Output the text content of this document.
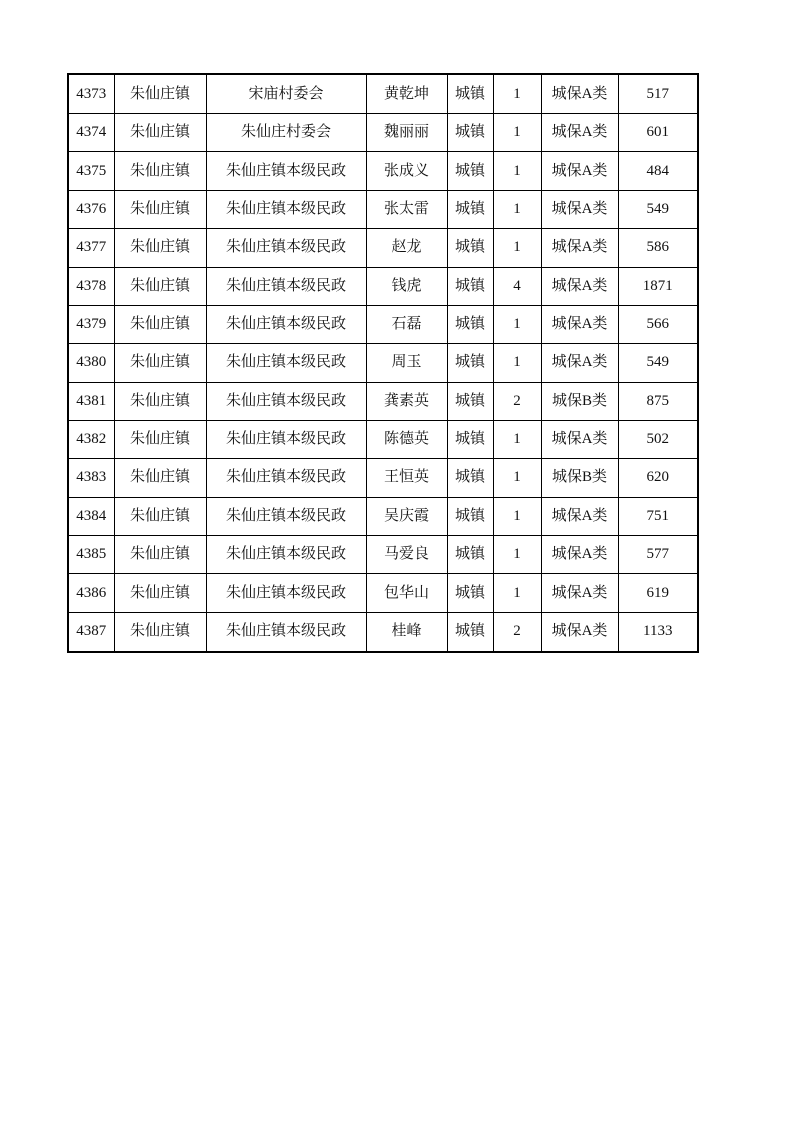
4373	朱仙庄镇	宋庙村委会	黄乾坤	城镇	1	城保A类	517
4374	朱仙庄镇	朱仙庄村委会	魏丽丽	城镇	1	城保A类	601
4375	朱仙庄镇	朱仙庄镇本级民政	张成义	城镇	1	城保A类	484
4376	朱仙庄镇	朱仙庄镇本级民政	张太雷	城镇	1	城保A类	549
4377	朱仙庄镇	朱仙庄镇本级民政	赵龙	城镇	1	城保A类	586
4378	朱仙庄镇	朱仙庄镇本级民政	钱虎	城镇	4	城保A类	1871
4379	朱仙庄镇	朱仙庄镇本级民政	石磊	城镇	1	城保A类	566
4380	朱仙庄镇	朱仙庄镇本级民政	周玉	城镇	1	城保A类	549
4381	朱仙庄镇	朱仙庄镇本级民政	龚素英	城镇	2	城保B类	875
4382	朱仙庄镇	朱仙庄镇本级民政	陈德英	城镇	1	城保A类	502
4383	朱仙庄镇	朱仙庄镇本级民政	王恒英	城镇	1	城保B类	620
4384	朱仙庄镇	朱仙庄镇本级民政	吴庆霞	城镇	1	城保A类	751
4385	朱仙庄镇	朱仙庄镇本级民政	马爱良	城镇	1	城保A类	577
4386	朱仙庄镇	朱仙庄镇本级民政	包华山	城镇	1	城保A类	619
4387	朱仙庄镇	朱仙庄镇本级民政	桂峰	城镇	2	城保A类	1133
